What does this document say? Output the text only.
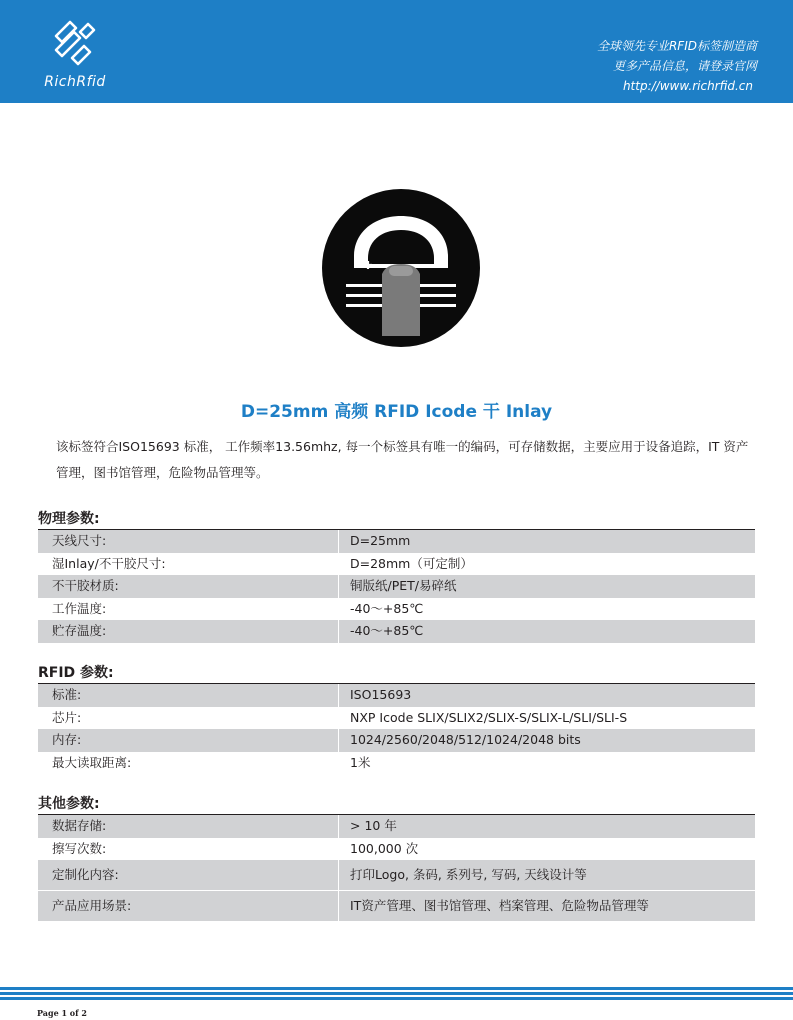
RichRfid
全球领先专业RFID标签制造商
更多产品信息，请登录官网
http://www.richrfid.cn
D=25mm 高频 RFID Icode 干 Inlay
该标签符合ISO15693 标准， 工作频率13.56mhz, 每一个标签具有唯一的编码，可存储数据，主要应用于设备追踪，IT 资产管理，图书馆管理，危险物品管理等。
物理参数:
天线尺寸:	D=25mm
湿Inlay/不干胶尺寸:	D=28mm（可定制）
不干胶材质:	铜版纸/PET/易碎纸
工作温度:	-40～+85℃
贮存温度:	-40～+85℃
RFID 参数:
标准:	ISO15693
芯片:	NXP Icode SLIX/SLIX2/SLIX-S/SLIX-L/SLI/SLI-S
内存:	1024/2560/2048/512/1024/2048 bits
最大读取距离:	1米
其他参数:
数据存储:	> 10 年
擦写次数:	100,000 次
定制化内容:	打印Logo, 条码, 系列号, 写码, 天线设计等
产品应用场景:	IT资产管理、图书馆管理、档案管理、危险物品管理等
Page 1 of 2
